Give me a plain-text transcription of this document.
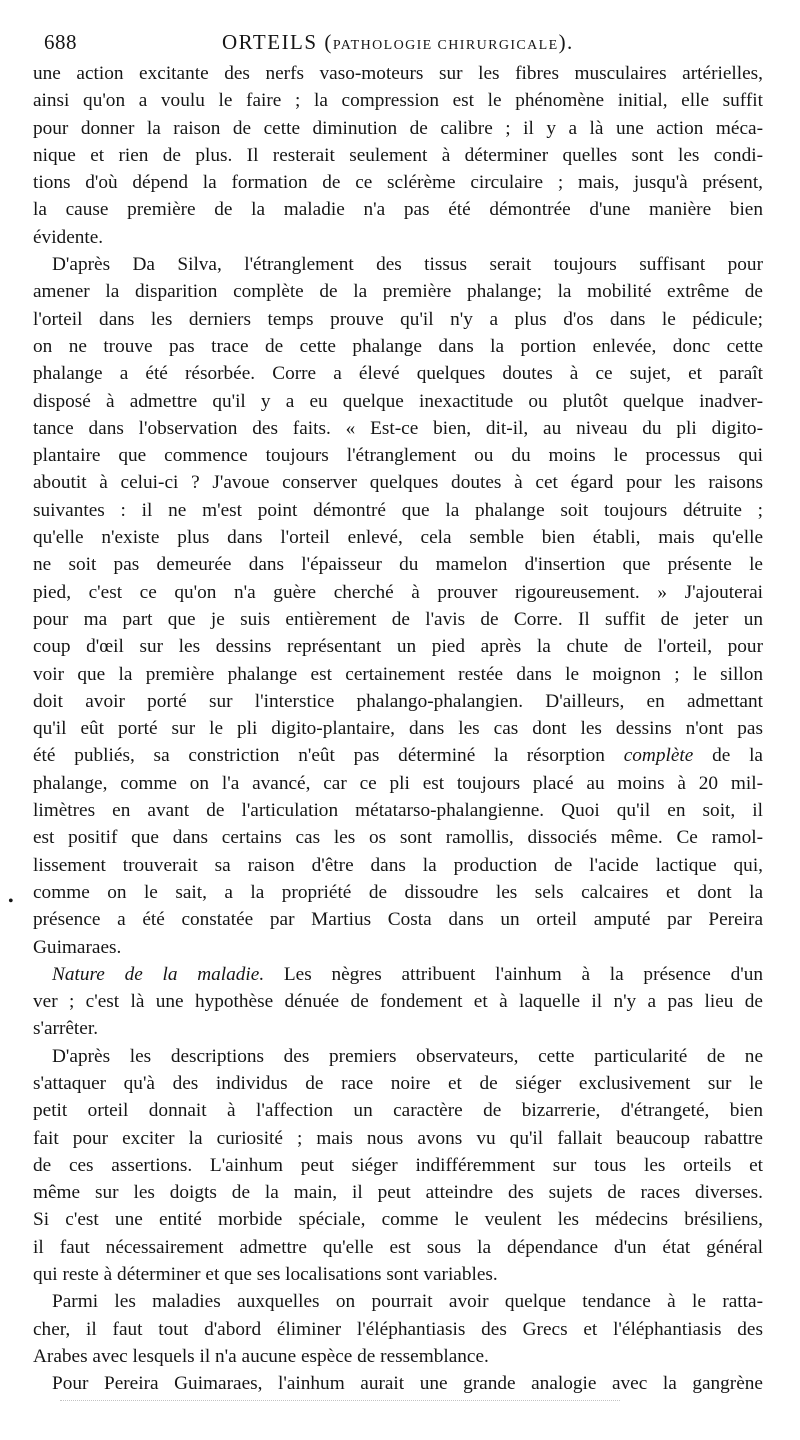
688	ORTEILS (PATHOLOGIE CHIRURGICALE).
une action excitante des nerfs vaso-moteurs sur les fibres musculaires artérielles,
ainsi qu'on a voulu le faire ; la compression est le phénomène initial, elle suffit
pour donner la raison de cette diminution de calibre ; il y a là une action méca-
nique et rien de plus. Il resterait seulement à déterminer quelles sont les condi-
tions d'où dépend la formation de ce sclérème circulaire ; mais, jusqu'à présent,
la cause première de la maladie n'a pas été démontrée d'une manière bien
évidente.
D'après Da Silva, l'étranglement des tissus serait toujours suffisant pour
amener la disparition complète de la première phalange; la mobilité extrême de
l'orteil dans les derniers temps prouve qu'il n'y a plus d'os dans le pédicule;
on ne trouve pas trace de cette phalange dans la portion enlevée, donc cette
phalange a été résorbée. Corre a élevé quelques doutes à ce sujet, et paraît
disposé à admettre qu'il y a eu quelque inexactitude ou plutôt quelque inadver-
tance dans l'observation des faits. « Est-ce bien, dit-il, au niveau du pli digito-
plantaire que commence toujours l'étranglement ou du moins le processus qui
aboutit à celui-ci ? J'avoue conserver quelques doutes à cet égard pour les raisons
suivantes : il ne m'est point démontré que la phalange soit toujours détruite ;
qu'elle n'existe plus dans l'orteil enlevé, cela semble bien établi, mais qu'elle
ne soit pas demeurée dans l'épaisseur du mamelon d'insertion que présente le
pied, c'est ce qu'on n'a guère cherché à prouver rigoureusement. » J'ajouterai
pour ma part que je suis entièrement de l'avis de Corre. Il suffit de jeter un
coup d'œil sur les dessins représentant un pied après la chute de l'orteil, pour
voir que la première phalange est certainement restée dans le moignon ; le sillon
doit avoir porté sur l'interstice phalango-phalangien. D'ailleurs, en admettant
qu'il eût porté sur le pli digito-plantaire, dans les cas dont les dessins n'ont pas
été publiés, sa constriction n'eût pas déterminé la résorption complète de la
phalange, comme on l'a avancé, car ce pli est toujours placé au moins à 20 mil-
limètres en avant de l'articulation métatarso-phalangienne. Quoi qu'il en soit, il
est positif que dans certains cas les os sont ramollis, dissociés même. Ce ramol-
lissement trouverait sa raison d'être dans la production de l'acide lactique qui,
comme on le sait, a la propriété de dissoudre les sels calcaires et dont la
présence a été constatée par Martius Costa dans un orteil amputé par Pereira
Guimaraes.
Nature de la maladie. Les nègres attribuent l'ainhum à la présence d'un
ver ; c'est là une hypothèse dénuée de fondement et à laquelle il n'y a pas lieu de
s'arrêter.
D'après les descriptions des premiers observateurs, cette particularité de ne
s'attaquer qu'à des individus de race noire et de siéger exclusivement sur le
petit orteil donnait à l'affection un caractère de bizarrerie, d'étrangeté, bien
fait pour exciter la curiosité ; mais nous avons vu qu'il fallait beaucoup rabattre
de ces assertions. L'ainhum peut siéger indifféremment sur tous les orteils et
même sur les doigts de la main, il peut atteindre des sujets de races diverses.
Si c'est une entité morbide spéciale, comme le veulent les médecins brésiliens,
il faut nécessairement admettre qu'elle est sous la dépendance d'un état général
qui reste à déterminer et que ses localisations sont variables.
Parmi les maladies auxquelles on pourrait avoir quelque tendance à le ratta-
cher, il faut tout d'abord éliminer l'éléphantiasis des Grecs et l'éléphantiasis des
Arabes avec lesquels il n'a aucune espèce de ressemblance.
Pour Pereira Guimaraes, l'ainhum aurait une grande analogie avec la gangrène
•
